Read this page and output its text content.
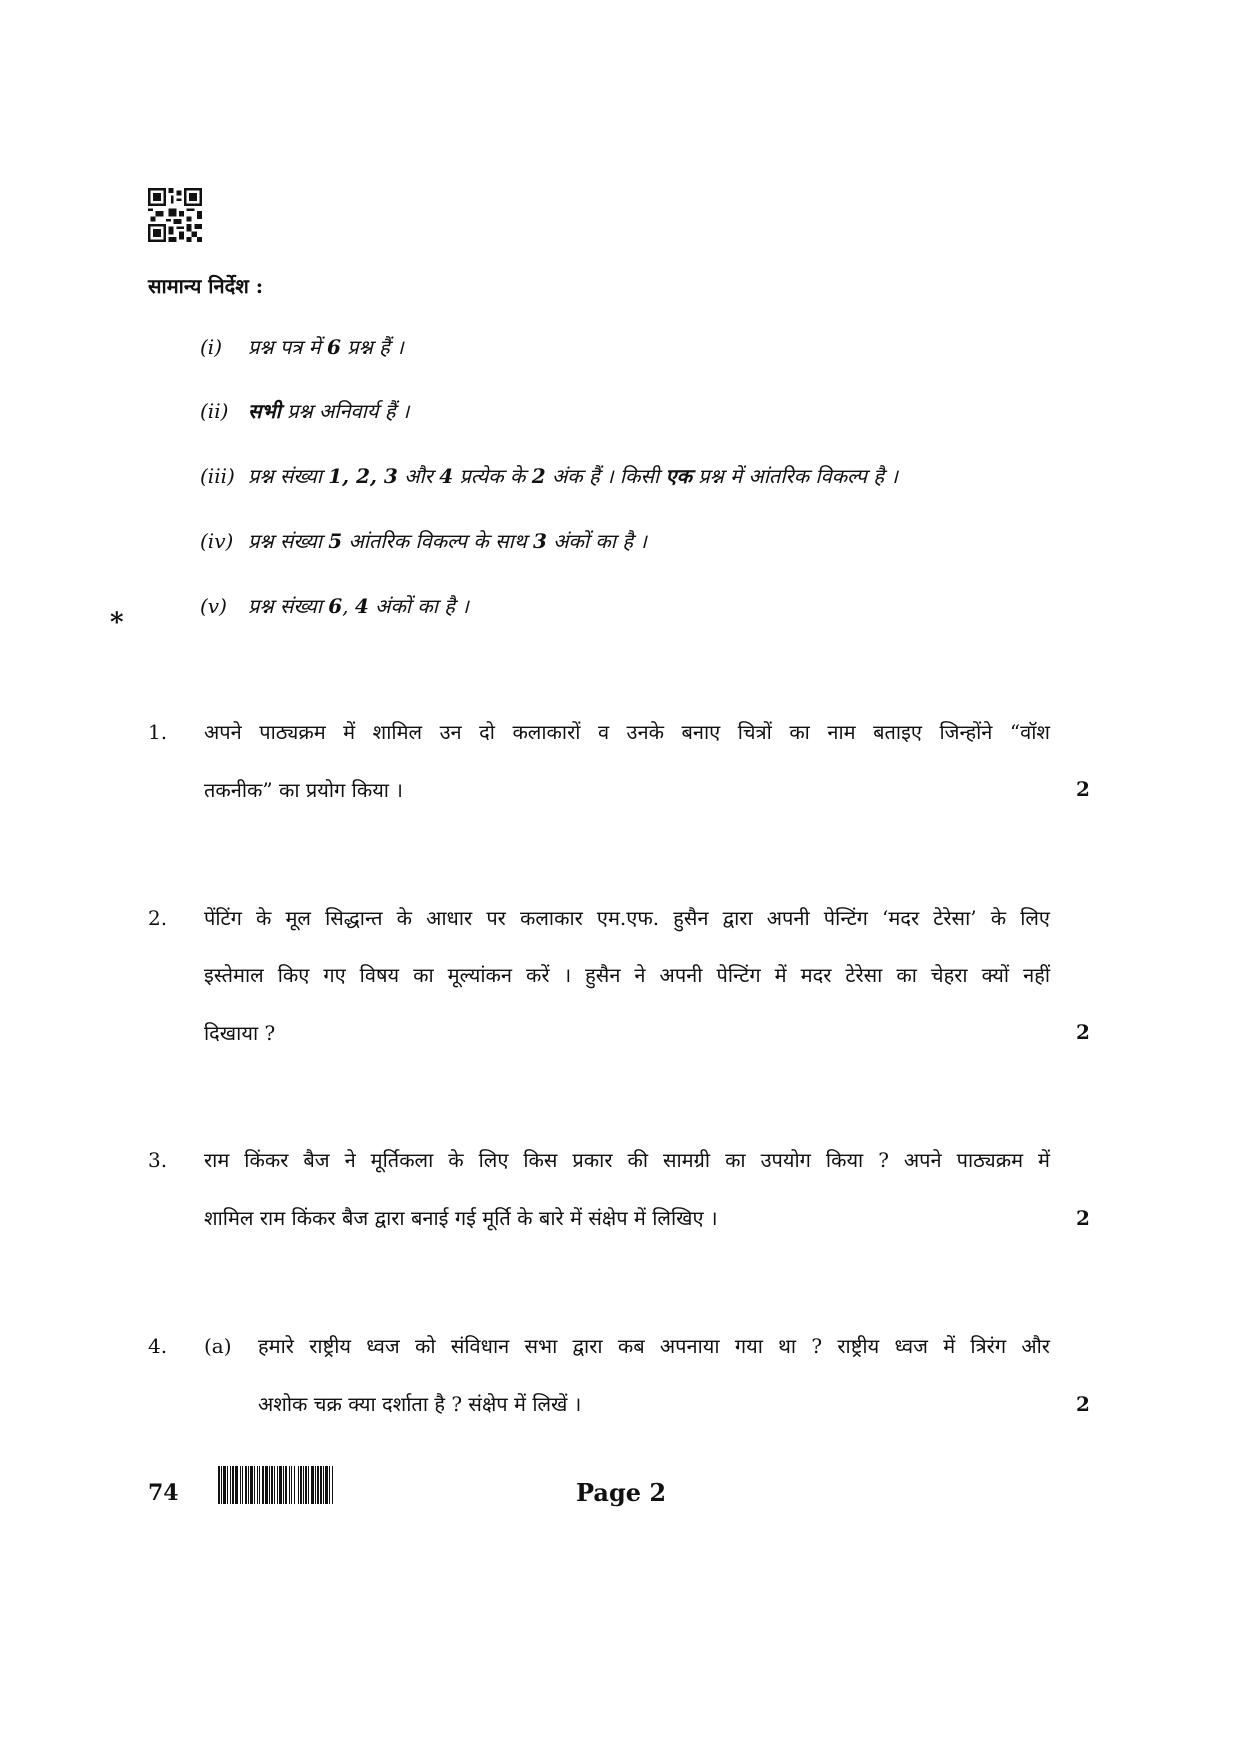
सामान्य निर्देश :
(i) प्रश्न पत्र में 6 प्रश्न हैं ।
(ii) सभी प्रश्न अनिवार्य हैं ।
(iii) प्रश्न संख्या 1, 2, 3 और 4 प्रत्येक के 2 अंक हैं । किसी एक प्रश्न में आंतरिक विकल्प है ।
(iv) प्रश्न संख्या 5 आंतरिक विकल्प के साथ 3 अंकों का है ।
(v) प्रश्न संख्या 6, 4 अंकों का है ।
*
1. अपने पाठ्यक्रम में शामिल उन दो कलाकारों व उनके बनाए चित्रों का नाम बताइए जिन्होंने “वॉश
तकनीक” का प्रयोग किया ।	2
2. पेंटिंग के मूल सिद्धान्त के आधार पर कलाकार एम.एफ. हुसैन द्वारा अपनी पेन्टिंग ‘मदर टेरेसा’ के लिए
इस्तेमाल किए गए विषय का मूल्यांकन करें । हुसैन ने अपनी पेन्टिंग में मदर टेरेसा का चेहरा क्यों नहीं
दिखाया ?	2
3. राम किंकर बैज ने मूर्तिकला के लिए किस प्रकार की सामग्री का उपयोग किया ? अपने पाठ्यक्रम में
शामिल राम किंकर बैज द्वारा बनाई गई मूर्ति के बारे में संक्षेप में लिखिए ।	2
4. (a) हमारे राष्ट्रीय ध्वज को संविधान सभा द्वारा कब अपनाया गया था ? राष्ट्रीय ध्वज में त्रिरंग और
अशोक चक्र क्या दर्शाता है ? संक्षेप में लिखें ।	2
74	Page 2
